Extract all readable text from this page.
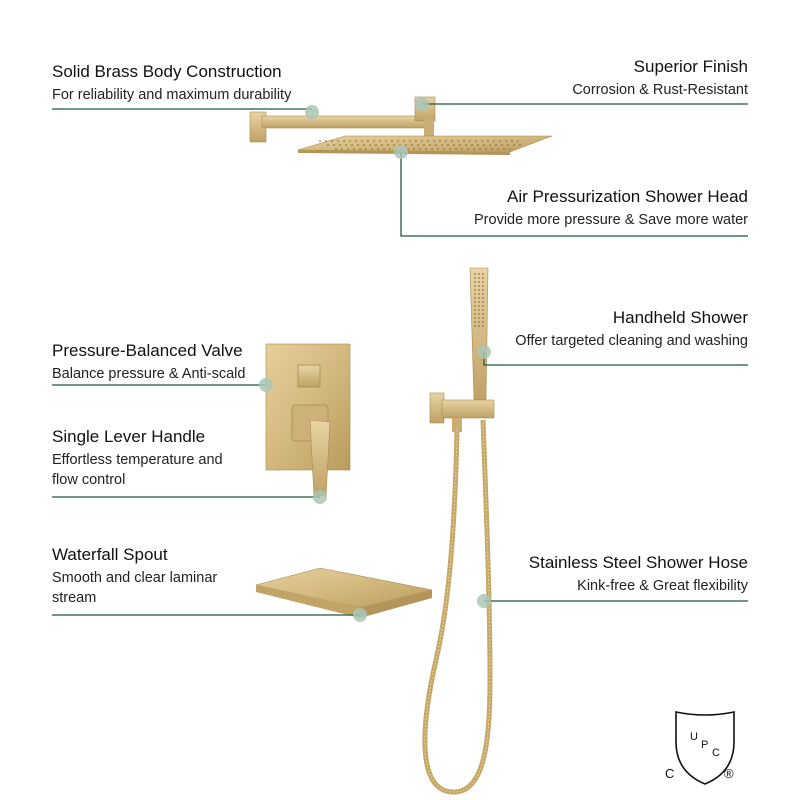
U
P
C
C	®
Solid Brass Body Construction
For reliability and maximum durability
Superior Finish
Corrosion & Rust-Resistant
Air Pressurization Shower Head
Provide more pressure & Save more water
Handheld Shower
Offer targeted cleaning and washing
Pressure-Balanced Valve
Balance pressure & Anti-scald
Single Lever Handle
Effortless temperature and flow control
Waterfall Spout
Smooth and clear laminar stream
Stainless Steel Shower Hose
Kink-free & Great flexibility
